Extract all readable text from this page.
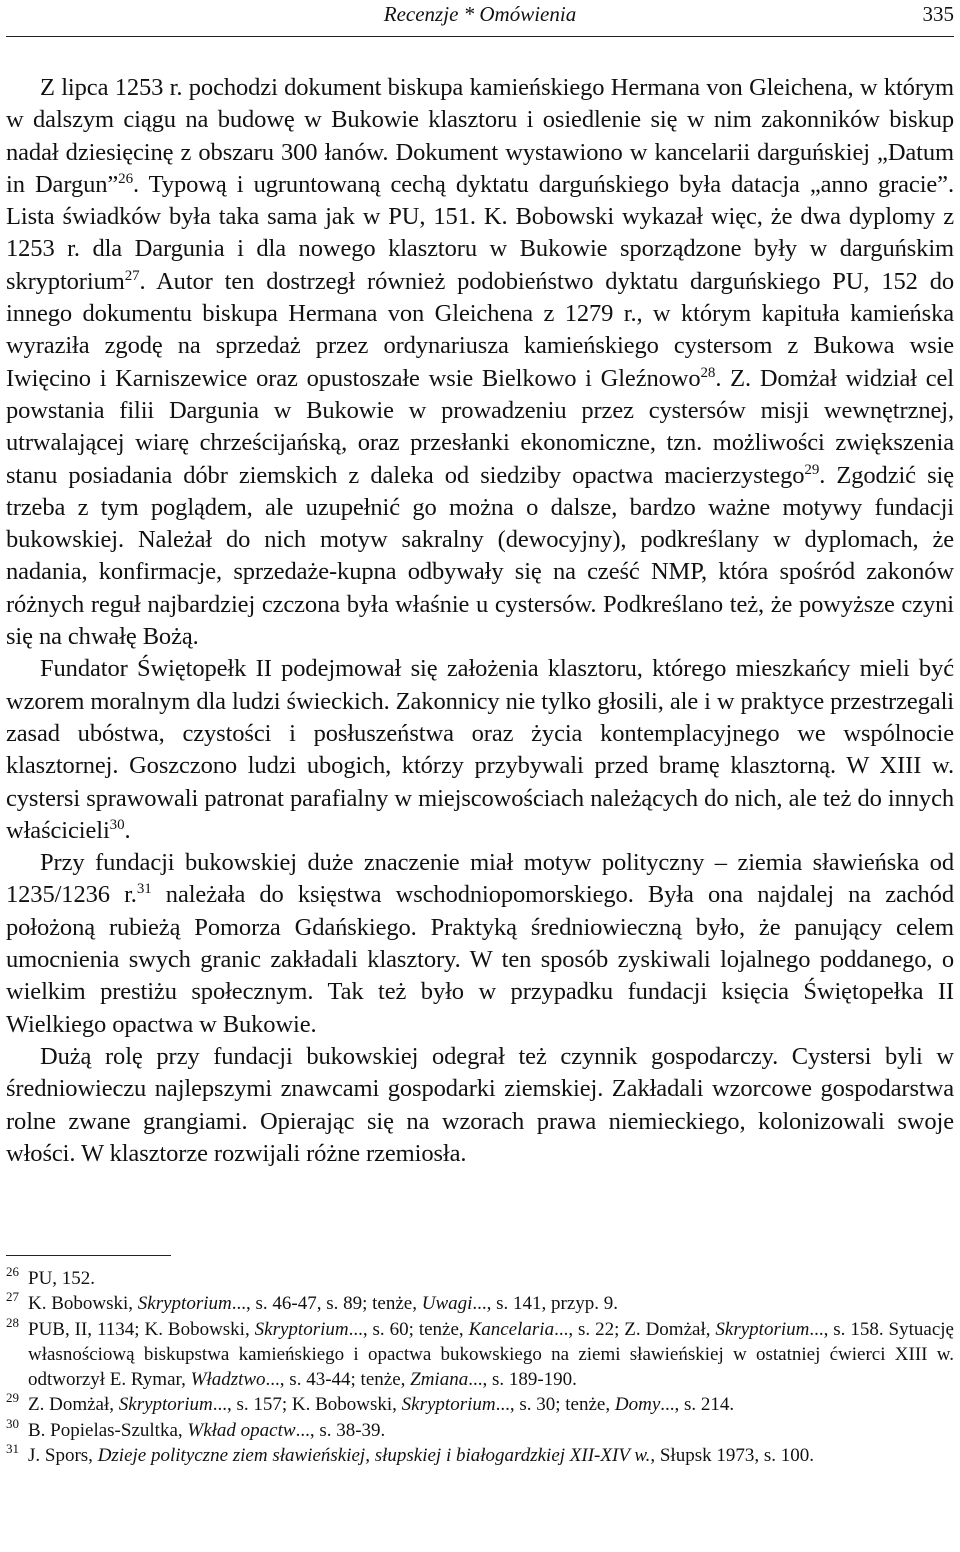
Recenzje * Omówienia	335

Z lipca 1253 r. pochodzi dokument biskupa kamieńskiego Hermana von Gleichena, w którym w dalszym ciągu na budowę w Bukowie klasztoru i osiedlenie się w nim zakonników biskup nadał dziesięcinę z obszaru 300 łanów. Dokument wystawiono w kancelarii darguńskiej „Datum in Dargun”$^{26}$. Typową i ugruntowaną cechą dyktatu darguńskiego była datacja „anno gracie”. Lista świadków była taka sama jak w PU, 151. K. Bobowski wykazał więc, że dwa dyplomy z 1253 r. dla Dargunia i dla nowego klasztoru w Bukowie sporządzone były w darguńskim skryptorium$^{27}$. Autor ten dostrzegł również podobieństwo dyktatu darguńskiego PU, 152 do innego dokumentu biskupa Hermana von Gleichena z 1279 r., w którym kapituła kamieńska wyraziła zgodę na sprzedaż przez ordynariusza kamieńskiego cystersom z Bukowa wsie Iwięcino i Karniszewice oraz opustoszałe wsie Bielkowo i Gleźnowo$^{28}$. Z. Domżał widział cel powstania filii Dargunia w Bukowie w prowadzeniu przez cystersów misji wewnętrznej, utrwalającej wiarę chrześcijańską, oraz przesłanki ekonomiczne, tzn. możliwości zwiększenia stanu posiadania dóbr ziemskich z daleka od siedziby opactwa macierzystego$^{29}$. Zgodzić się trzeba z tym poglądem, ale uzupełnić go można o dalsze, bardzo ważne motywy fundacji bukowskiej. Należał do nich motyw sakralny (dewocyjny), podkreślany w dyplomach, że nadania, konfirmacje, sprzedaże-kupna odbywały się na cześć NMP, która spośród zakonów różnych reguł najbardziej czczona była właśnie u cystersów. Podkreślano też, że powyższe czyni się na chwałę Bożą.

Fundator Świętopełk II podejmował się założenia klasztoru, którego mieszkańcy mieli być wzorem moralnym dla ludzi świeckich. Zakonnicy nie tylko głosili, ale i w praktyce przestrzegali zasad ubóstwa, czystości i posłuszeństwa oraz życia kontemplacyjnego we wspólnocie klasztornej. Goszczono ludzi ubogich, którzy przybywali przed bramę klasztorną. W XIII w. cystersi sprawowali patronat parafialny w miejscowościach należących do nich, ale też do innych właścicieli$^{30}$.

Przy fundacji bukowskiej duże znaczenie miał motyw polityczny – ziemia sławieńska od 1235/1236 r.$^{31}$ należała do księstwa wschodniopomorskiego. Była ona najdalej na zachód położoną rubieżą Pomorza Gdańskiego. Praktyką średniowieczną było, że panujący celem umocnienia swych granic zakładali klasztory. W ten sposób zyskiwali lojalnego poddanego, o wielkim prestiżu społecznym. Tak też było w przypadku fundacji księcia Świętopełka II Wielkiego opactwa w Bukowie.

Dużą rolę przy fundacji bukowskiej odegrał też czynnik gospodarczy. Cystersi byli w średniowieczu najlepszymi znawcami gospodarki ziemskiej. Zakładali wzorcowe gospodarstwa rolne zwane grangiami. Opierając się na wzorach prawa niemieckiego, kolonizowali swoje włości. W klasztorze rozwijali różne rzemiosła.

26 PU, 152.
27 K. Bobowski, Skryptorium..., s. 46-47, s. 89; tenże, Uwagi..., s. 141, przyp. 9.
28 PUB, II, 1134; K. Bobowski, Skryptorium..., s. 60; tenże, Kancelaria..., s. 22; Z. Domżał, Skryptorium..., s. 158. Sytuację własnościową biskupstwa kamieńskiego i opactwa bukowskiego na ziemi sławieńskiej w ostatniej ćwierci XIII w. odtworzył E. Rymar, Władztwo..., s. 43-44; tenże, Zmiana..., s. 189-190.
29 Z. Domżał, Skryptorium..., s. 157; K. Bobowski, Skryptorium..., s. 30; tenże, Domy..., s. 214.
30 B. Popielas-Szultka, Wkład opactw..., s. 38-39.
31 J. Spors, Dzieje polityczne ziem sławieńskiej, słupskiej i białogardzkiej XII-XIV w., Słupsk 1973, s. 100.
